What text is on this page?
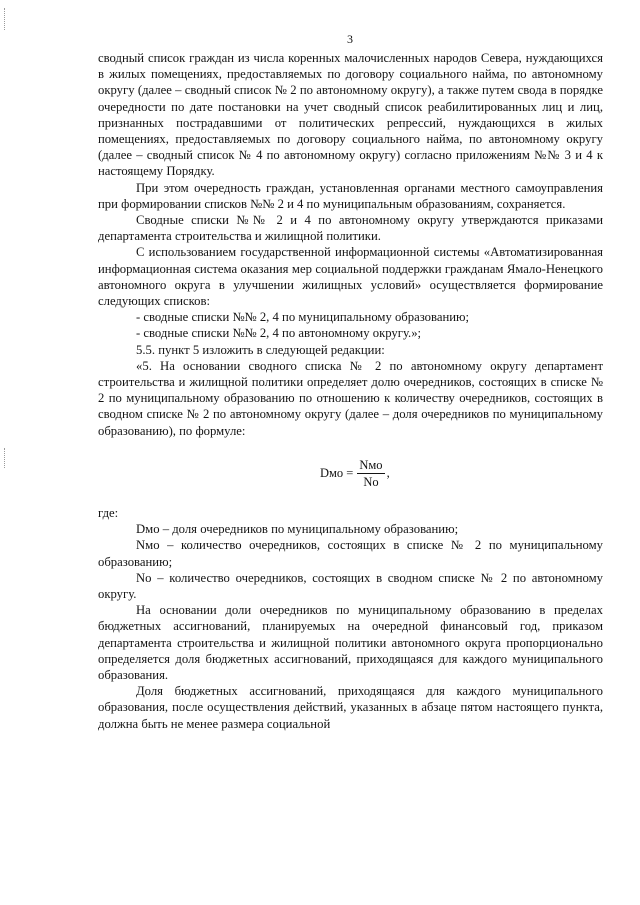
3

сводный список граждан из числа коренных малочисленных народов Севера, нуждающихся в жилых помещениях, предоставляемых по договору социального найма, по автономному округу (далее – сводный список № 2 по автономному округу), а также путем свода в порядке очередности по дате постановки на учет сводный список реабилитированных лиц и лиц, признанных пострадавшими от политических репрессий, нуждающихся в жилых помещениях, предоставляемых по договору социального найма, по автономному округу (далее – сводный список № 4 по автономному округу) согласно приложениям №№ 3 и 4 к настоящему Порядку.

При этом очередность граждан, установленная органами местного самоуправления при формировании списков №№ 2 и 4 по муниципальным образованиям, сохраняется.

Сводные списки №№ 2 и 4 по автономному округу утверждаются приказами департамента строительства и жилищной политики.

С использованием государственной информационной системы «Автоматизированная информационная система оказания мер социальной поддержки гражданам Ямало-Ненецкого автономного округа в улучшении жилищных условий» осуществляется формирование следующих списков:

- сводные списки №№ 2, 4 по муниципальному образованию;

- сводные списки №№ 2, 4 по автономному округу.»;

5.5. пункт 5 изложить в следующей редакции:

«5. На основании сводного списка № 2 по автономному округу департамент строительства и жилищной политики определяет долю очередников, состоящих в списке № 2 по муниципальному образованию по отношению к количеству очередников, состоящих в сводном списке № 2 по автономному округу (далее – доля очередников по муниципальному образованию), по формуле:

Dмо = $\frac{\text{Nмо}}{Nо}$ ,

где:

Dмо – доля очередников по муниципальному образованию;

Nмо – количество очередников, состоящих в списке № 2 по муниципальному образованию;

Nо – количество очередников, состоящих в сводном списке № 2 по автономному округу.

На основании доли очередников по муниципальному образованию в пределах бюджетных ассигнований, планируемых на очередной финансовый год, приказом департамента строительства и жилищной политики автономного округа пропорционально определяется доля бюджетных ассигнований, приходящаяся для каждого муниципального образования.

Доля бюджетных ассигнований, приходящаяся для каждого муниципального образования, после осуществления действий, указанных в абзаце пятом настоящего пункта, должна быть не менее размера социальной
